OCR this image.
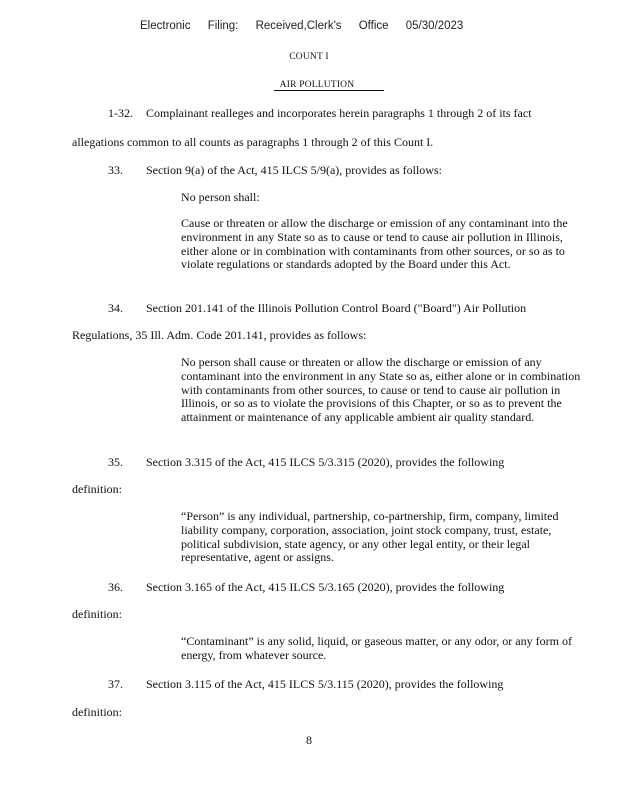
Electronic Filing: Received,Clerk's Office 05/30/2023
COUNT I
AIR POLLUTION
1-32. Complainant realleges and incorporates herein paragraphs 1 through 2 of its fact
allegations common to all counts as paragraphs 1 through 2 of this Count I.
33. Section 9(a) of the Act, 415 ILCS 5/9(a), provides as follows:
No person shall:
Cause or threaten or allow the discharge or emission of any contaminant into the environment in any State so as to cause or tend to cause air pollution in Illinois, either alone or in combination with contaminants from other sources, or so as to violate regulations or standards adopted by the Board under this Act.
34. Section 201.141 of the Illinois Pollution Control Board ("Board") Air Pollution
Regulations, 35 Ill. Adm. Code 201.141, provides as follows:
No person shall cause or threaten or allow the discharge or emission of any contaminant into the environment in any State so as, either alone or in combination with contaminants from other sources, to cause or tend to cause air pollution in Illinois, or so as to violate the provisions of this Chapter, or so as to prevent the attainment or maintenance of any applicable ambient air quality standard.
35. Section 3.315 of the Act, 415 ILCS 5/3.315 (2020), provides the following
definition:
“Person” is any individual, partnership, co-partnership, firm, company, limited liability company, corporation, association, joint stock company, trust, estate, political subdivision, state agency, or any other legal entity, or their legal representative, agent or assigns.
36. Section 3.165 of the Act, 415 ILCS 5/3.165 (2020), provides the following
definition:
“Contaminant” is any solid, liquid, or gaseous matter, or any odor, or any form of energy, from whatever source.
37. Section 3.115 of the Act, 415 ILCS 5/3.115 (2020), provides the following
definition:
8
